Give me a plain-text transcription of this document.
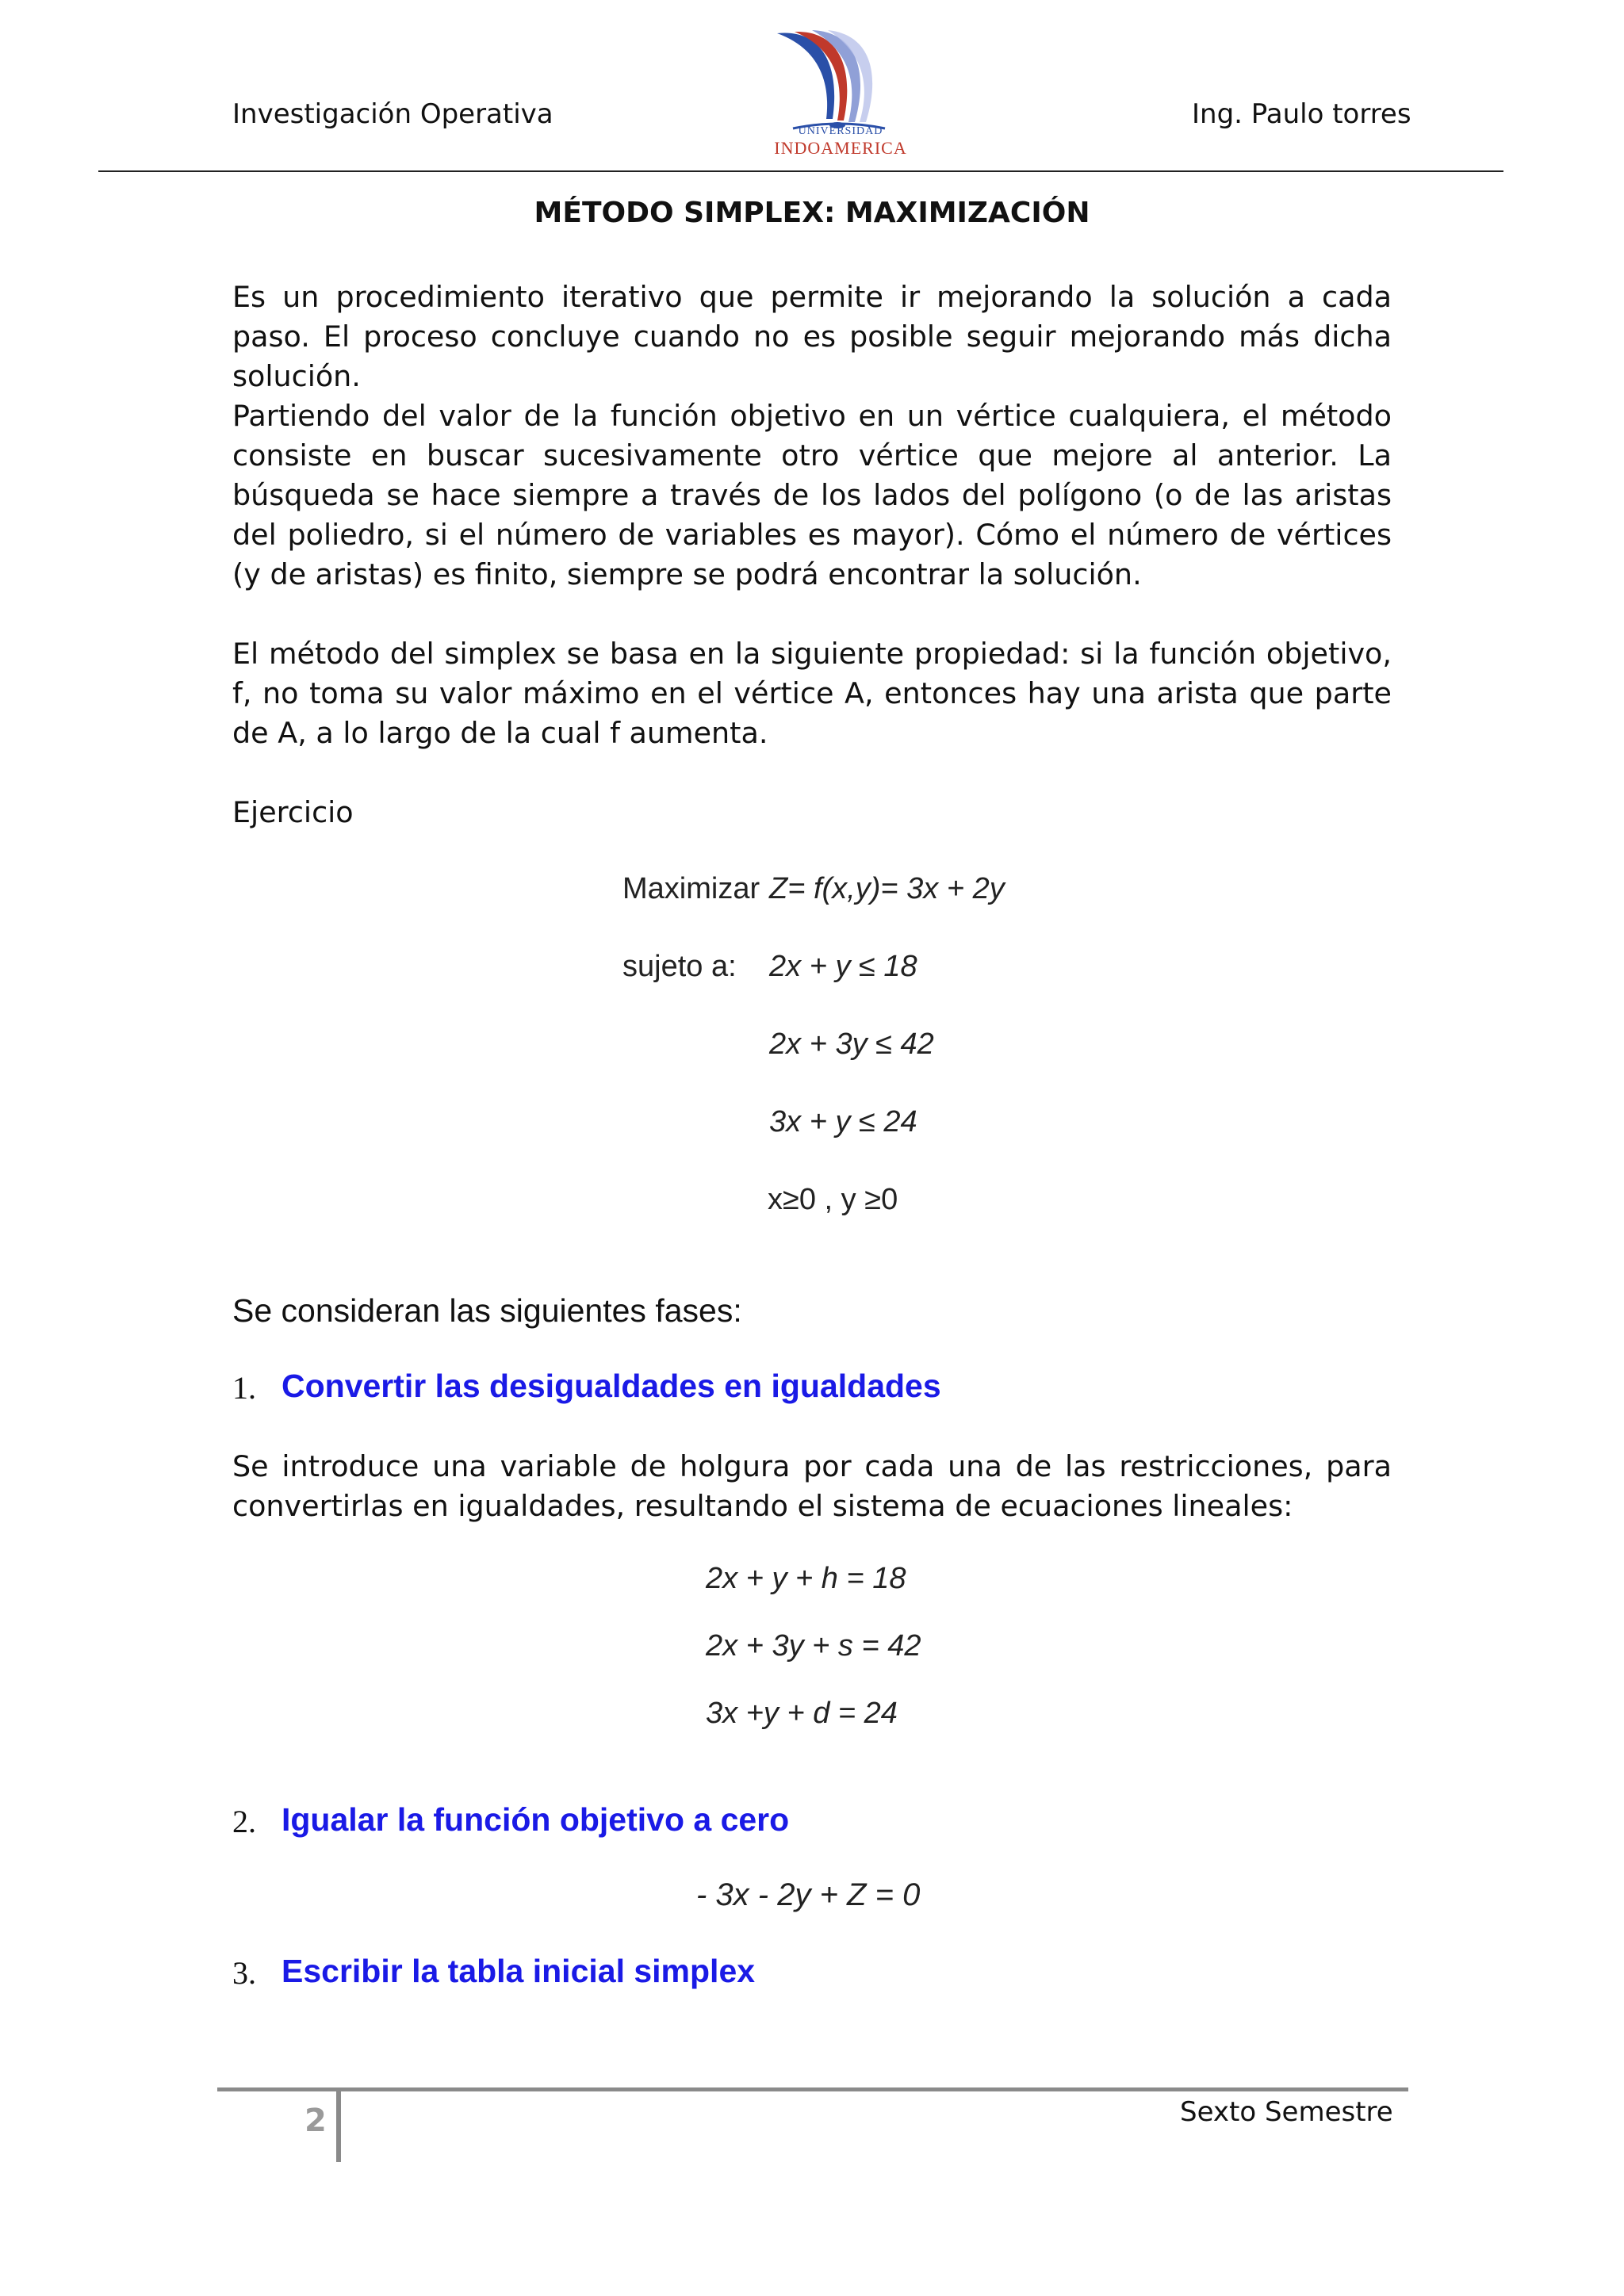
Investigación Operativa	Ing. Paulo torres
UNIVERSIDAD
INDOAMERICA
MÉTODO SIMPLEX: MAXIMIZACIÓN

Es un procedimiento iterativo que permite ir mejorando la solución a cada paso. El proceso concluye cuando no es posible seguir mejorando más dicha solución.

Partiendo del valor de la función objetivo en un vértice cualquiera, el método consiste en buscar sucesivamente otro vértice que mejore al anterior. La búsqueda se hace siempre a través de los lados del polígono (o de las aristas del poliedro, si el número de variables es mayor). Cómo el número de vértices (y de aristas) es finito, siempre se podrá encontrar la solución.

El método del simplex se basa en la siguiente propiedad: si la función objetivo, f, no toma su valor máximo en el vértice A, entonces hay una arista que parte de A, a lo largo de la cual f aumenta.

Ejercicio
Maximizar Z= f(x,y)= 3x + 2y
sujeto a: 2x + y ≤ 18
2x + 3y ≤ 42
3x + y ≤ 24
x≥0 , y ≥0
Se consideran las siguientes fases:
1. Convertir las desigualdades en igualdades

Se introduce una variable de holgura por cada una de las restricciones, para convertirlas en igualdades, resultando el sistema de ecuaciones lineales:

2x + y + h = 18
2x + 3y + s = 42
3x +y + d = 24
2. Igualar la función objetivo a cero
- 3x - 2y + Z = 0
3. Escribir la tabla inicial simplex
2	Sexto Semestre
